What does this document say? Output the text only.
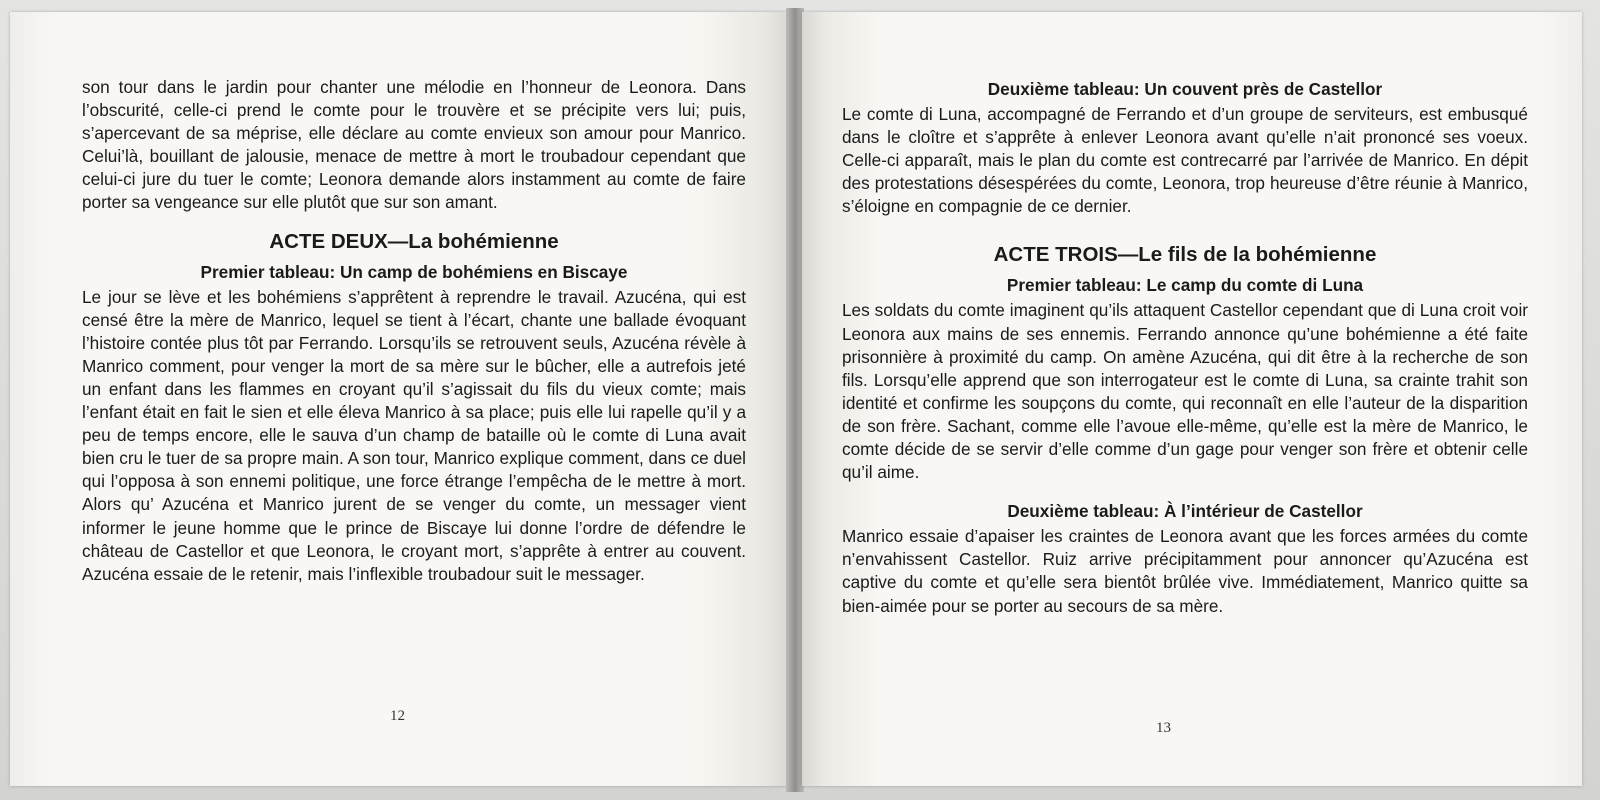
son tour dans le jardin pour chanter une mélodie en l’honneur de Leonora. Dans l’obscurité, celle-ci prend le comte pour le trouvère et se précipite vers lui; puis, s’apercevant de sa méprise, elle déclare au comte envieux son amour pour Manrico. Celui’là, bouillant de jalousie, menace de mettre à mort le troubadour cependant que celui-ci jure du tuer le comte; Leonora demande alors instamment au comte de faire porter sa vengeance sur elle plutôt que sur son amant.

ACTE DEUX—La bohémienne
Premier tableau: Un camp de bohémiens en Biscaye

Le jour se lève et les bohémiens s’apprêtent à reprendre le travail. Azucéna, qui est censé être la mère de Manrico, lequel se tient à l’écart, chante une ballade évoquant l’histoire contée plus tôt par Ferrando. Lorsqu’ils se retrouvent seuls, Azucéna révèle à Manrico comment, pour venger la mort de sa mère sur le bûcher, elle a autrefois jeté un enfant dans les flammes en croyant qu’il s’agissait du fils du vieux comte; mais l’enfant était en fait le sien et elle éleva Manrico à sa place; puis elle lui rapelle qu’il y a peu de temps encore, elle le sauva d’un champ de bataille où le comte di Luna avait bien cru le tuer de sa propre main. A son tour, Manrico explique comment, dans ce duel qui l’opposa à son ennemi politique, une force étrange l’empêcha de le mettre à mort. Alors qu’ Azucéna et Manrico jurent de se venger du comte, un messager vient informer le jeune homme que le prince de Biscaye lui donne l’ordre de défendre le château de Castellor et que Leonora, le croyant mort, s’apprête à entrer au couvent. Azucéna essaie de le retenir, mais l’inflexible troubadour suit le messager.

12
Deuxième tableau: Un couvent près de Castellor

Le comte di Luna, accompagné de Ferrando et d’un groupe de serviteurs, est embusqué dans le cloître et s’apprête à enlever Leonora avant qu’elle n’ait prononcé ses voeux. Celle-ci apparaît, mais le plan du comte est contrecarré par l’arrivée de Manrico. En dépit des protestations désespérées du comte, Leonora, trop heureuse d’être réunie à Manrico, s’éloigne en compagnie de ce dernier.

ACTE TROIS—Le fils de la bohémienne
Premier tableau: Le camp du comte di Luna

Les soldats du comte imaginent qu’ils attaquent Castellor cependant que di Luna croit voir Leonora aux mains de ses ennemis. Ferrando annonce qu’une bohémienne a été faite prisonnière à proximité du camp. On amène Azucéna, qui dit être à la recherche de son fils. Lorsqu’elle apprend que son interrogateur est le comte di Luna, sa crainte trahit son identité et confirme les soupçons du comte, qui reconnaît en elle l’auteur de la disparition de son frère. Sachant, comme elle l’avoue elle-même, qu’elle est la mère de Manrico, le comte décide de se servir d’elle comme d’un gage pour venger son frère et obtenir celle qu’il aime.

Deuxième tableau: À l’intérieur de Castellor

Manrico essaie d’apaiser les craintes de Leonora avant que les forces armées du comte n’envahissent Castellor. Ruiz arrive précipitamment pour annoncer qu’Azucéna est captive du comte et qu’elle sera bientôt brûlée vive. Immédiatement, Manrico quitte sa bien-aimée pour se porter au secours de sa mère.

13
